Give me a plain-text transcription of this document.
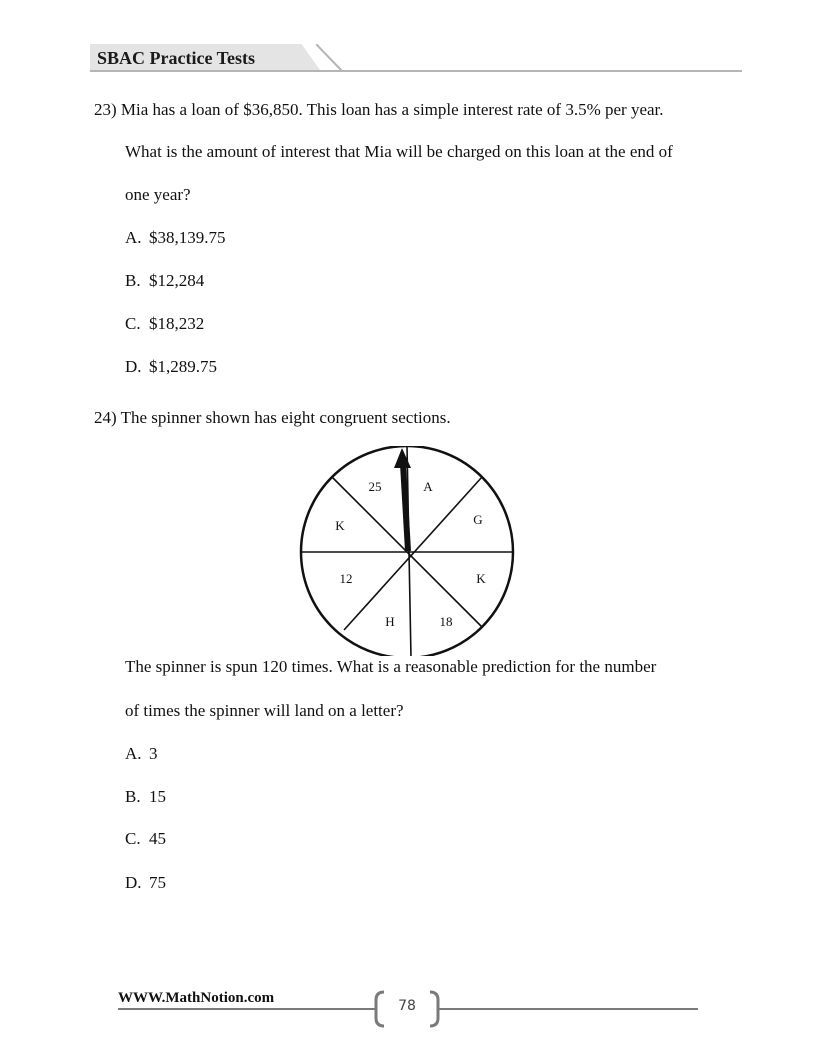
SBAC Practice Tests
23) Mia has a loan of $36,850. This loan has a simple interest rate of 3.5% per year.
What is the amount of interest that Mia will be charged on this loan at the end of
one year?
A. $38,139.75
B. $12,284
C. $18,232
D. $1,289.75
24) The spinner shown has eight congruent sections.
25	A
G
K
18
H
12
K
The spinner is spun 120 times. What is a reasonable prediction for the number
of times the spinner will land on a letter?
A. 3
B. 15
C. 45
D. 75
WWW.MathNotion.com	78
